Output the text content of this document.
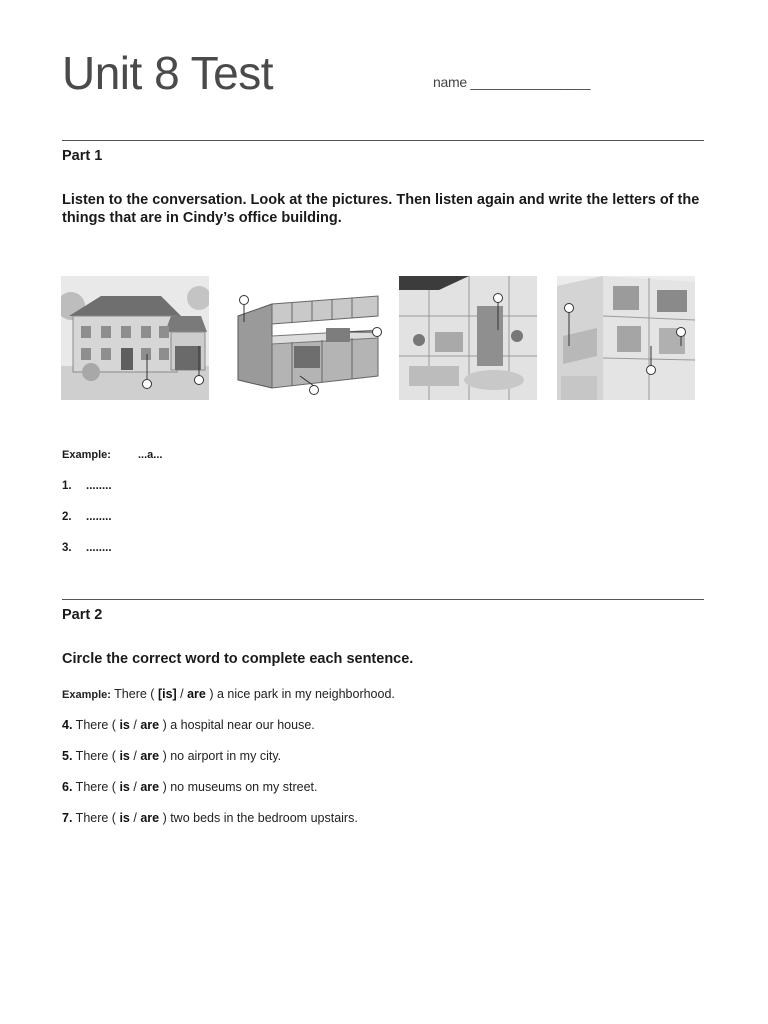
Unit 8 Test	name ________________
Part 1
Listen to the conversation. Look at the pictures. Then listen again and write the letters of the things that are in Cindy’s office building.
Example: ...a...
1. ........
2. ........
3. ........
Part 2
Circle the correct word to complete each sentence.
Example: There ( [is] / are ) a nice park in my neighborhood.
4. There ( is / are ) a hospital near our house.
5. There ( is / are ) no airport in my city.
6. There ( is / are ) no museums on my street.
7. There ( is / are ) two beds in the bedroom upstairs.
